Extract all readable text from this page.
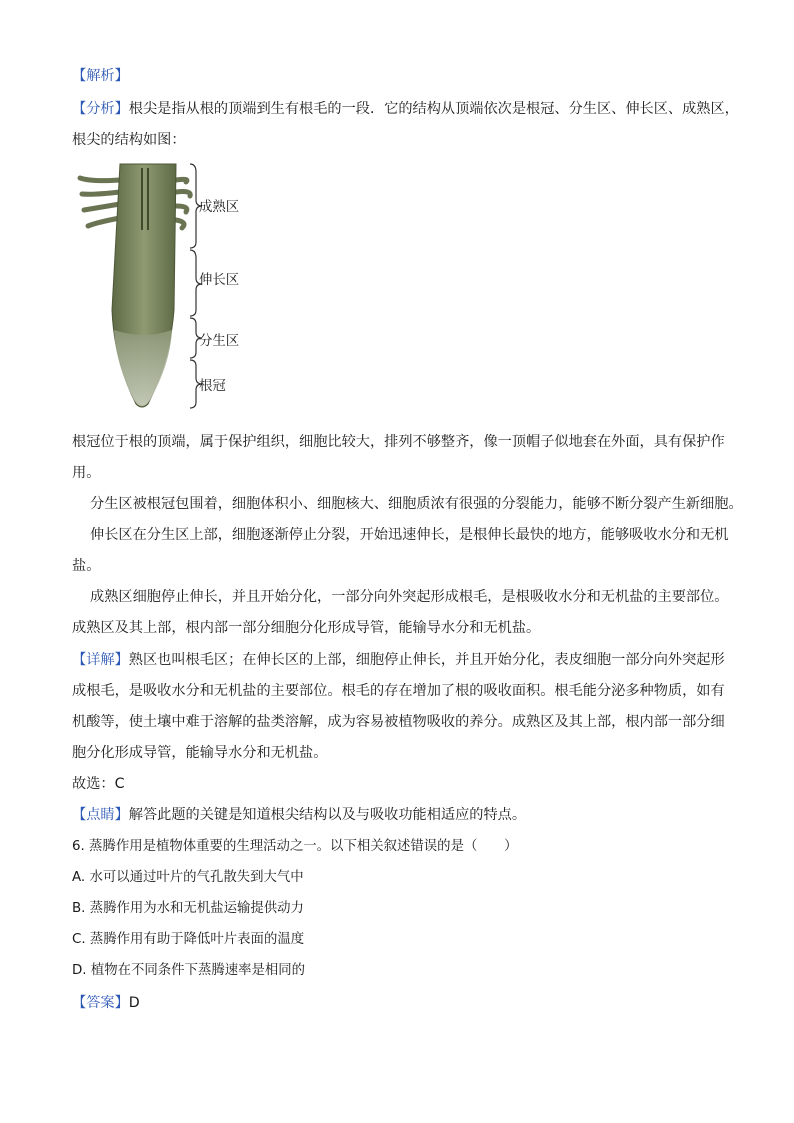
【解析】
【分析】根尖是指从根的顶端到生有根毛的一段．它的结构从顶端依次是根冠、分生区、伸长区、成熟区，
根尖的结构如图：
成熟区
伸长区
分生区
根冠
根冠位于根的顶端，属于保护组织，细胞比较大，排列不够整齐，像一顶帽子似地套在外面，具有保护作
用。
分生区被根冠包围着，细胞体积小、细胞核大、细胞质浓有很强的分裂能力，能够不断分裂产生新细胞。
伸长区在分生区上部，细胞逐渐停止分裂，开始迅速伸长，是根伸长最快的地方，能够吸收水分和无机
盐。
成熟区细胞停止伸长，并且开始分化，一部分向外突起形成根毛，是根吸收水分和无机盐的主要部位。
成熟区及其上部，根内部一部分细胞分化形成导管，能输导水分和无机盐。
【详解】熟区也叫根毛区；在伸长区的上部，细胞停止伸长，并且开始分化，表皮细胞一部分向外突起形
成根毛，是吸收水分和无机盐的主要部位。根毛的存在增加了根的吸收面积。根毛能分泌多种物质，如有
机酸等，使土壤中难于溶解的盐类溶解，成为容易被植物吸收的养分。成熟区及其上部，根内部一部分细
胞分化形成导管，能输导水分和无机盐。
故选：C
【点睛】解答此题的关键是知道根尖结构以及与吸收功能相适应的特点。
6. 蒸腾作用是植物体重要的生理活动之一。以下相关叙述错误的是（　　）
A. 水可以通过叶片的气孔散失到大气中
B. 蒸腾作用为水和无机盐运输提供动力
C. 蒸腾作用有助于降低叶片表面的温度
D. 植物在不同条件下蒸腾速率是相同的
【答案】D
